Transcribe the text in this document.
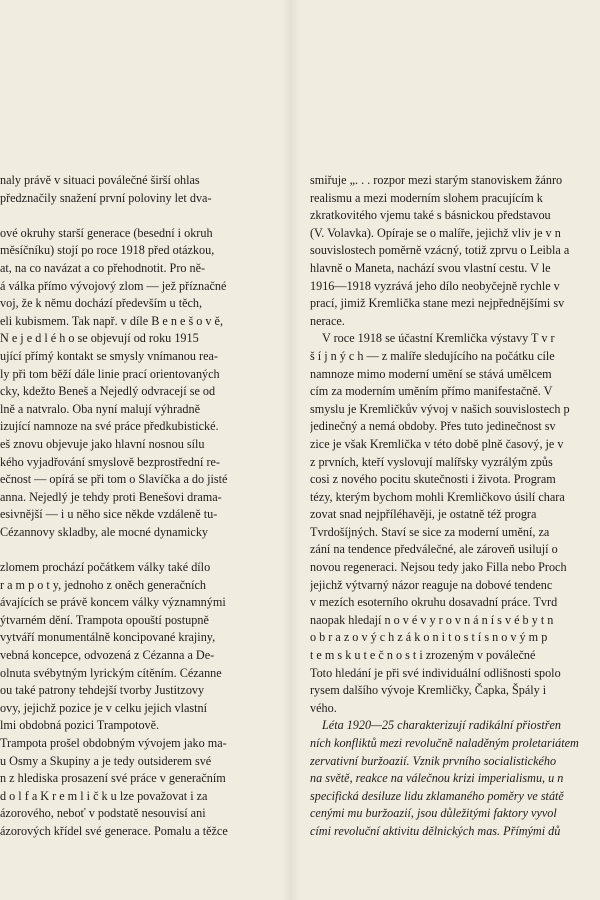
naly právě v situaci poválečné širší ohlas
předznačily snažení první poloviny let dva-
ové okruhy starší generace (besední i okruh
měsíčníku) stojí po roce 1918 před otázkou,
at, na co navázat a co přehodnotit. Pro ně-
á válka přímo vývojový zlom — jež příznačné
voj, že k němu dochází především u těch,
eli kubismem. Tak např. v díle B e n e š o v ě,
N e j e d l é h o se objevují od roku 1915
ující přímý kontakt se smysly vnímanou rea-
ly při tom běží dále linie prací orientovaných
cky, kdežto Beneš a Nejedlý odvracejí se od
lně a natvralo. Oba nyní malují výhradně
izující namnoze na své práce předkubistické.
eš znovu objevuje jako hlavní nosnou sílu
kého vyjadřování smyslově bezprostřední re-
ečnost — opírá se při tom o Slavíčka a do jisté
anna. Nejedlý je tehdy proti Benešovi drama-
esivnější — i u něho sice někde vzdáleně tu-
Cézannovy skladby, ale mocné dynamicky
zlomem prochází počátkem války také dílo
r a m p o t y, jednoho z oněch generačních
ávajících se právě koncem války významnými
ýtvarném dění. Trampota opouští postupně
vytváří monumentálně koncipované krajiny,
vebná koncepce, odvozená z Cézanna a De-
olnuta svébytným lyrickým cítěním. Cézanne
ou také patrony tehdejší tvorby Justitzovy
ovy, jejichž pozice je v celku jejich vlastní
lmi obdobná pozici Trampotově.
Trampota prošel obdobným vývojem jako ma-
u Osmy a Skupiny a je tedy outsiderem své
n z hlediska prosazení své práce v generačním
d o l f a K r e m l i č k u lze považovat i za
ázorového, neboť v podstatě nesouvisí ani
ázorových křídel své generace. Pomalu a těžce
smiřuje „. . . rozpor mezi starým stanoviskem žánro
realismu a mezi moderním slohem pracujícím k
zkratkovitého vjemu také s básnickou představou
(V. Volavka). Opíraje se o malíře, jejichž vliv je v n
souvislostech poměrně vzácný, totiž zprvu o Leibla a
hlavně o Maneta, nachází svou vlastní cestu. V le
1916—1918 vyzrává jeho dílo neobyčejně rychle v
prací, jimiž Kremlička stane mezi nejpřednějšími sv
nerace.
V roce 1918 se účastní Kremlička výstavy T v r
š í j n ý c h — z malíře sledujícího na počátku cíle
namnoze mimo moderní umění se stává umělcem
cím za moderním uměním přímo manifestačně. V
smyslu je Kremličkův vývoj v našich souvislostech p
jedinečný a nemá obdoby. Přes tuto jedinečnost sv
zice je však Kremlička v této době plně časový, je v
z prvních, kteří vyslovují malířsky vyzrálým způs
cosi z nového pocitu skutečnosti i života. Program
tézy, kterým bychom mohli Kremličkovo úsilí chara
zovat snad nejpříléhavěji, je ostatně též progra
Tvrdošíjných. Staví se sice za moderní umění, za
zání na tendence předválečné, ale zároveň usilují o
novou regeneraci. Nejsou tedy jako Filla nebo Proch
jejichž výtvarný názor reaguje na dobové tendenc
v mezích esoterního okruhu dosavadní práce. Tvrd
naopak hledají n o v é v y r o v n á n í s v é b y t n
o b r a z o v ý c h z á k o n i t o s t í s n o v ý m p
t e m s k u t e č n o s t i zrozeným v poválečné
Toto hledání je při své individuální odlišnosti spolo
rysem dalšího vývoje Kremličky, Čapka, Špály i
vého.
Léta 1920—25 charakterizují radikální přiostřen
ních konfliktů mezi revolučně naladěným proletariátem
zervativní buržoazií. Vznik prvního socialistického
na světě, reakce na válečnou krizi imperialismu, u n
specifická desiluze lidu zklamaného poměry ve státě
cenými mu buržoazií, jsou důležitými faktory vyvol
cími revoluční aktivitu dělnických mas. Přímými dů
